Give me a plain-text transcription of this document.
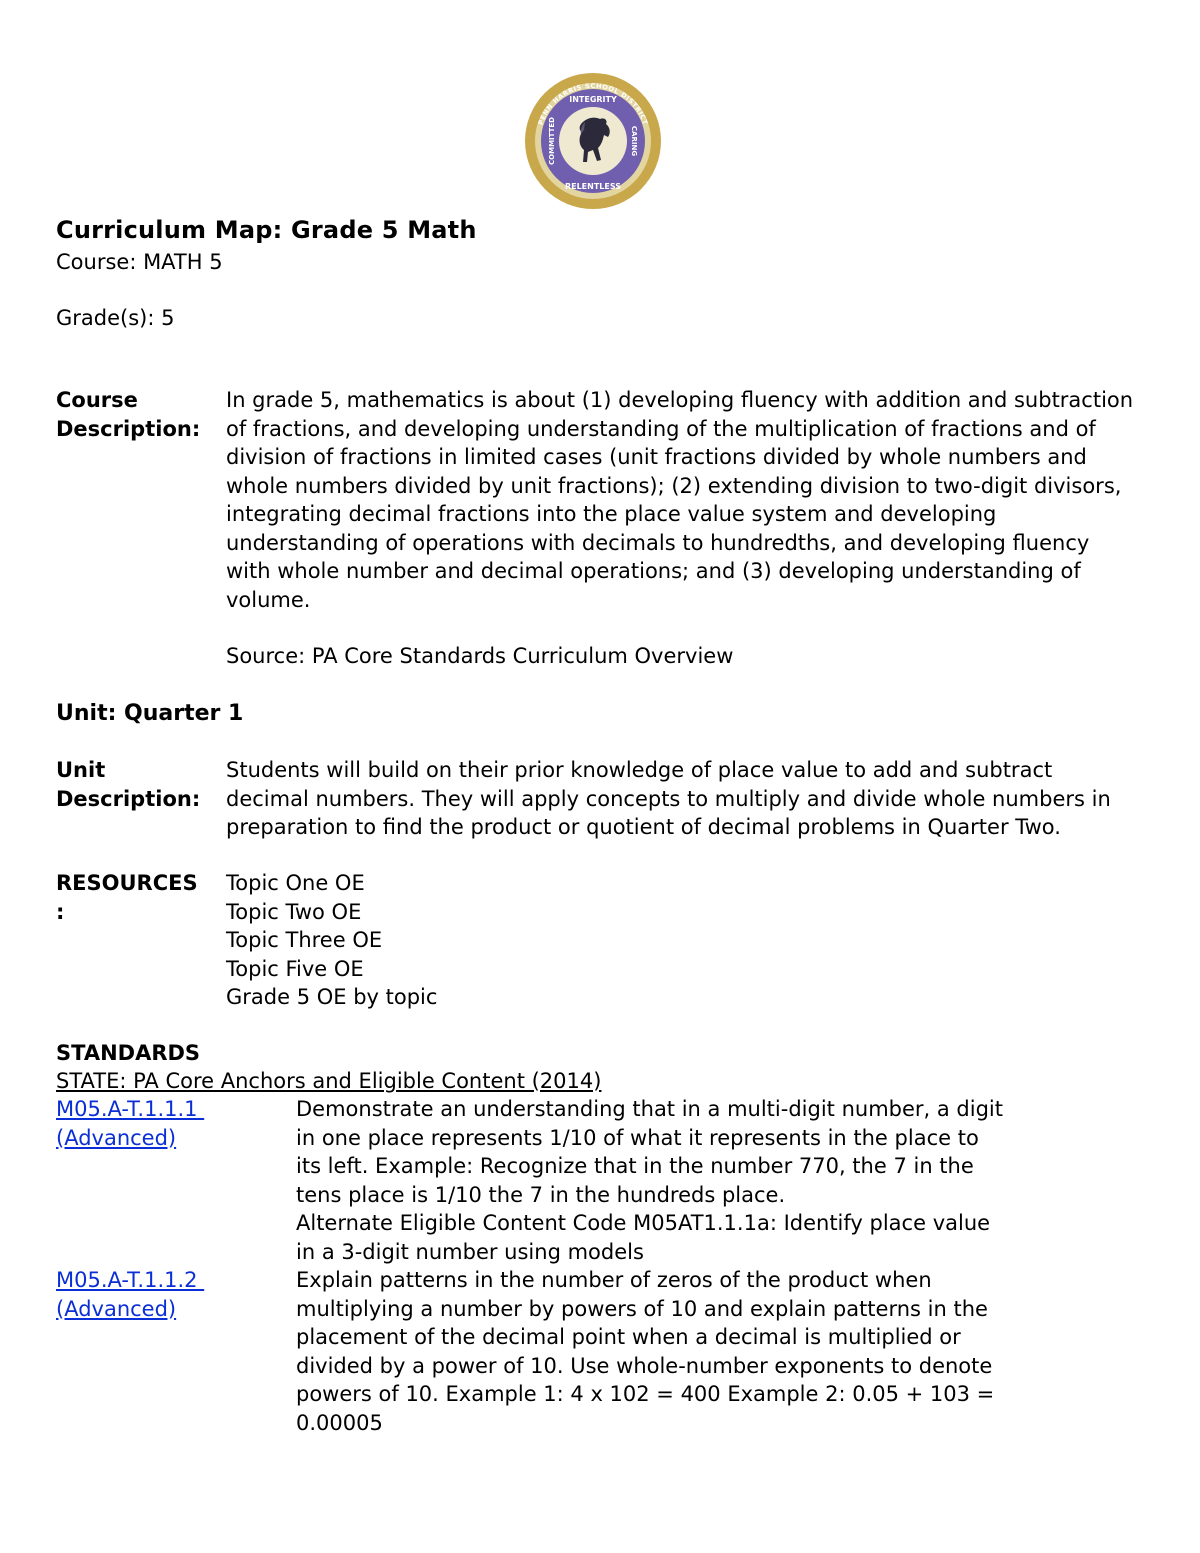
PENN HARRIS SCHOOL DISTRICT
INTEGRITY
RELENTLESS
COMMITTED	CARING
Curriculum Map: Grade 5 Math
Course: MATH 5
Grade(s): 5
Course
Description:
In grade 5, mathematics is about (1) developing fluency with addition and subtraction
of fractions, and developing understanding of the multiplication of fractions and of
division of fractions in limited cases (unit fractions divided by whole numbers and
whole numbers divided by unit fractions); (2) extending division to two-digit divisors,
integrating decimal fractions into the place value system and developing
understanding of operations with decimals to hundredths, and developing fluency
with whole number and decimal operations; and (3) developing understanding of
volume.
Source: PA Core Standards Curriculum Overview
Unit: Quarter 1
Unit
Description:
Students will build on their prior knowledge of place value to add and subtract
decimal numbers. They will apply concepts to multiply and divide whole numbers in
preparation to find the product or quotient of decimal problems in Quarter Two.
RESOURCES
:
Topic One OE
Topic Two OE
Topic Three OE
Topic Five OE
Grade 5 OE by topic
STANDARDS
STATE: PA Core Anchors and Eligible Content (2014)
M05.A-T.1.1.1
(Advanced)
Demonstrate an understanding that in a multi-digit number, a digit
in one place represents 1/10 of what it represents in the place to
its left. Example: Recognize that in the number 770, the 7 in the
tens place is 1/10 the 7 in the hundreds place.
Alternate Eligible Content Code M05AT1.1.1a: Identify place value
in a 3-digit number using models
M05.A-T.1.1.2
(Advanced)
Explain patterns in the number of zeros of the product when
multiplying a number by powers of 10 and explain patterns in the
placement of the decimal point when a decimal is multiplied or
divided by a power of 10. Use whole-number exponents to denote
powers of 10. Example 1: 4 x 102 = 400 Example 2: 0.05 + 103 =
0.00005
